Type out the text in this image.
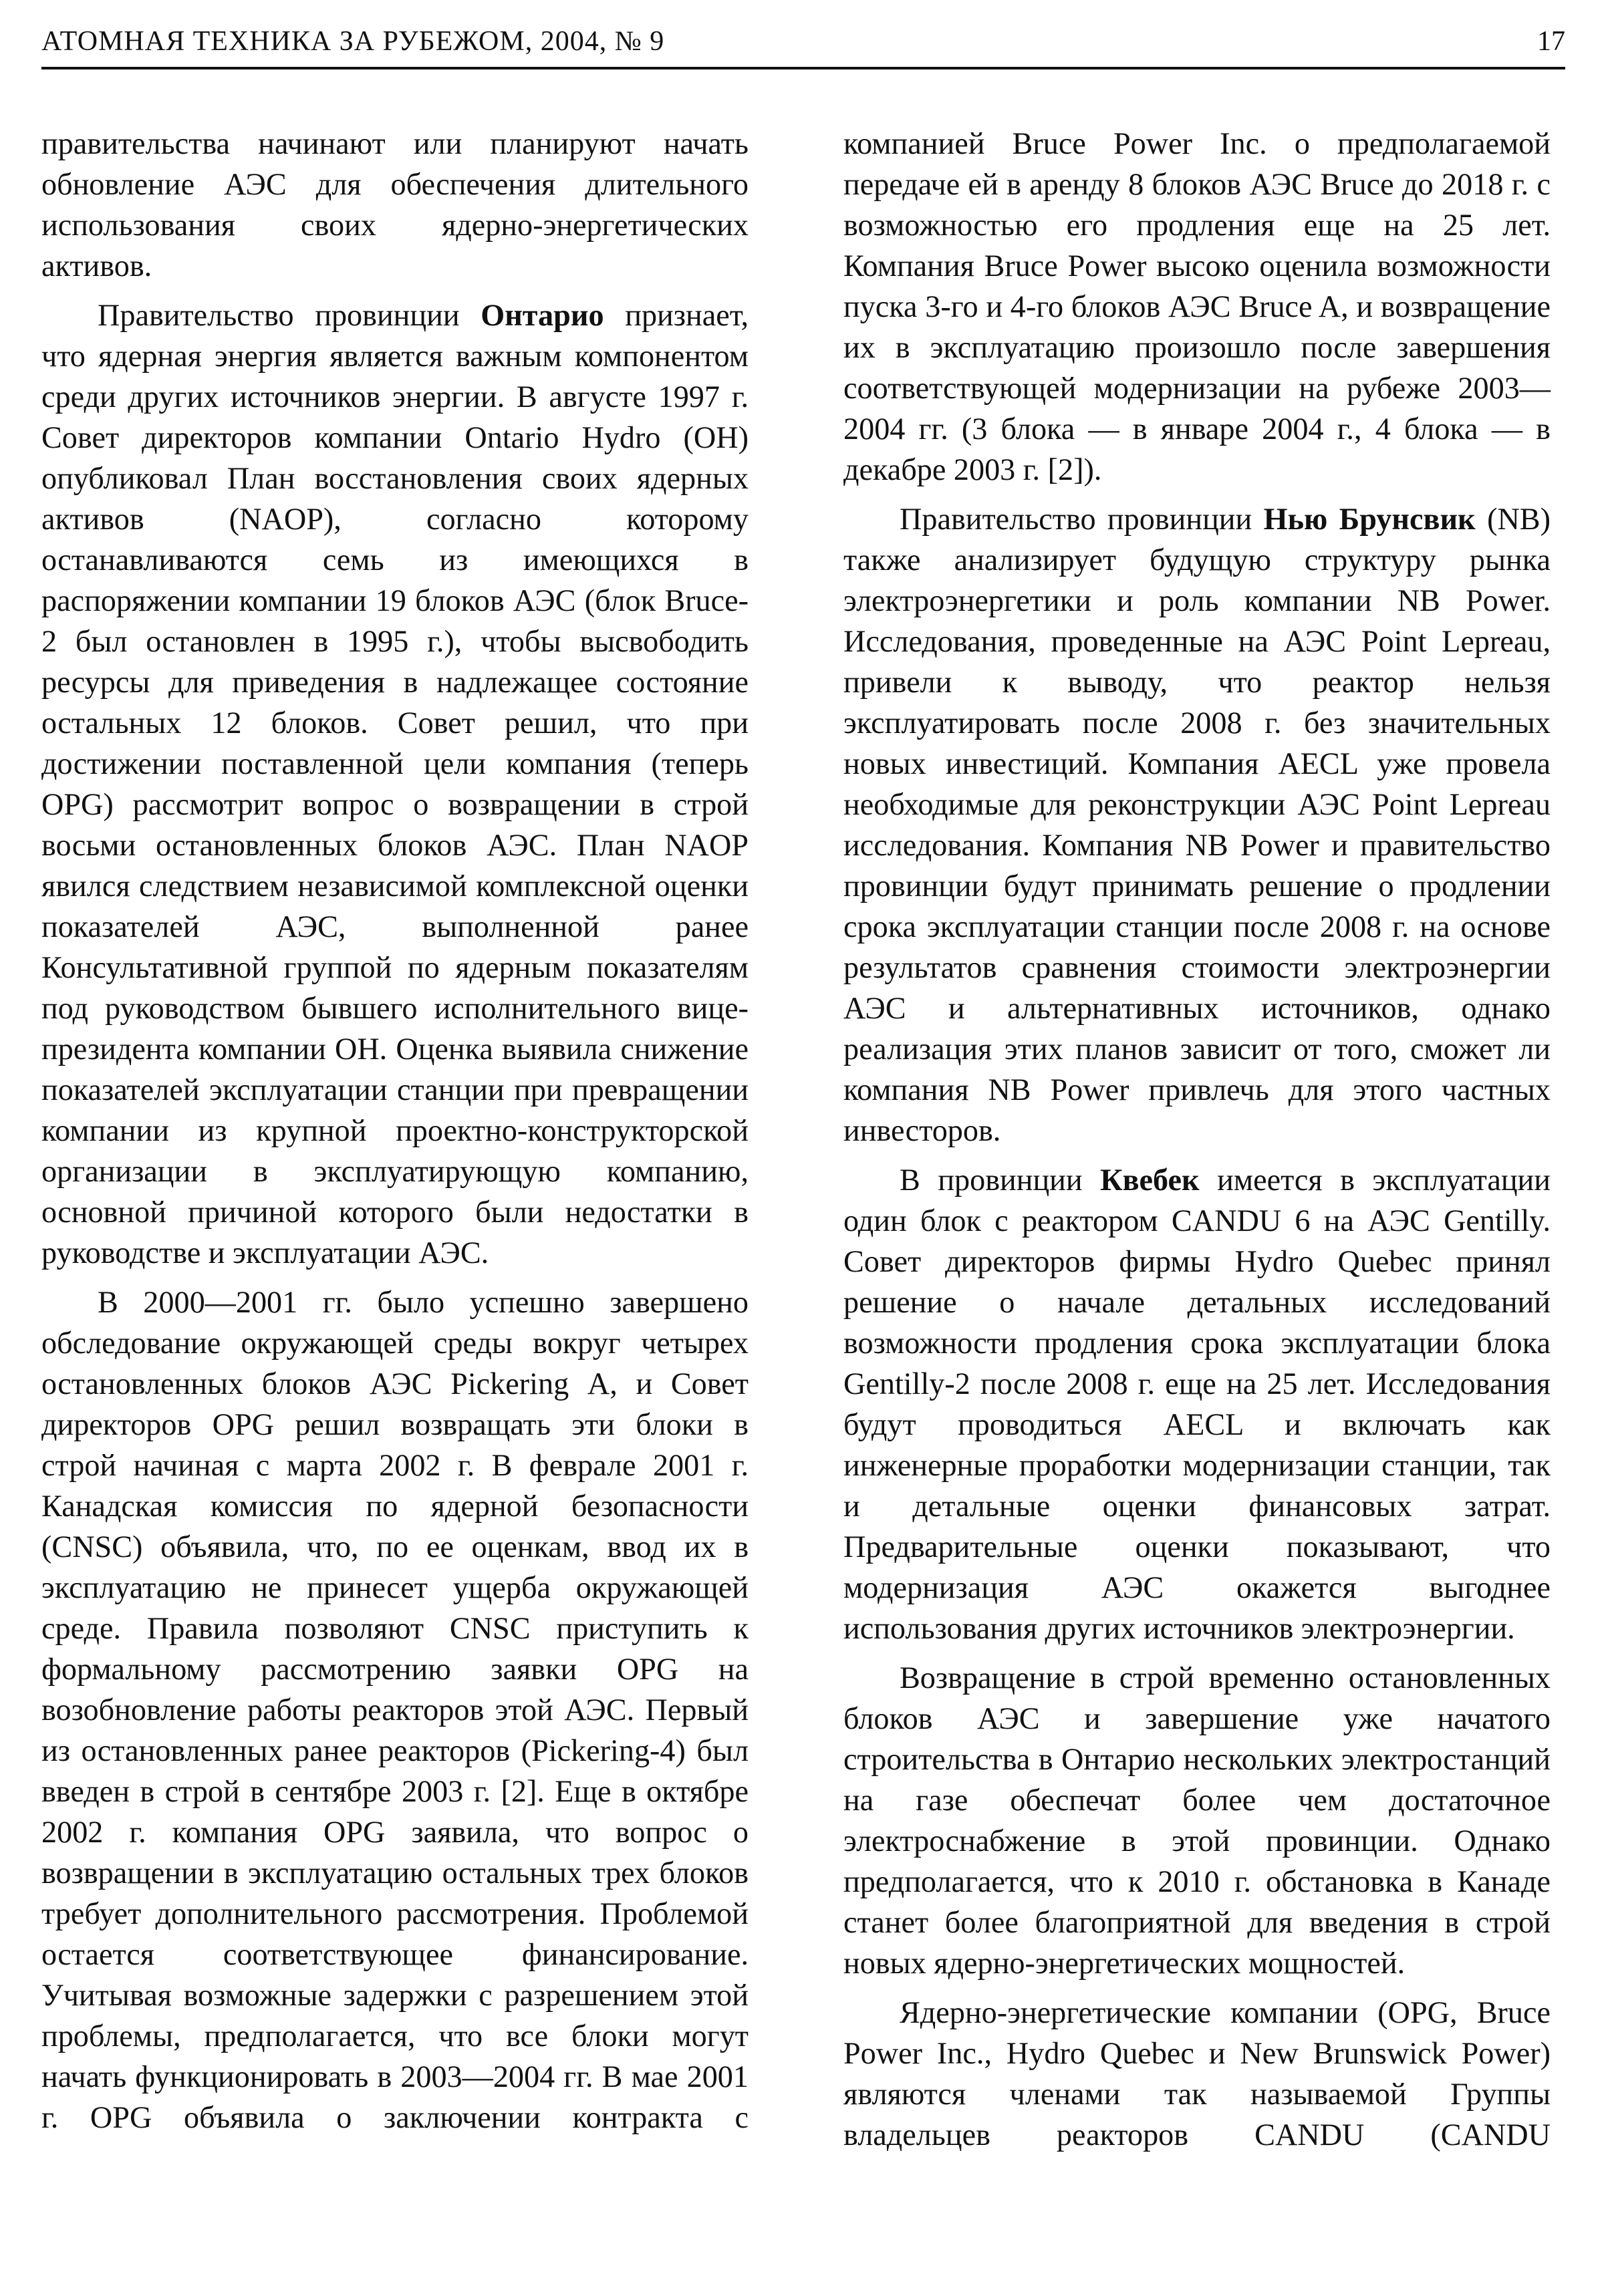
АТОМНАЯ ТЕХНИКА ЗА РУБЕЖОМ, 2004, № 9	17

правительства начинают или планируют начать обновление АЭС для обеспечения длительного использования своих ядерно-энергетических активов.

Правительство провинции Онтарио признает, что ядерная энергия является важным компонентом среди других источников энергии. В августе 1997 г. Совет директоров компании Ontario Hydro (ОН) опубликовал План восстановления своих ядерных активов (NAOP), согласно которому останавливаются семь из имеющихся в распоряжении компании 19 блоков АЭС (блок Bruce-2 был остановлен в 1995 г.), чтобы высвободить ресурсы для приведения в надлежащее состояние остальных 12 блоков. Совет решил, что при достижении поставленной цели компания (теперь OPG) рассмотрит вопрос о возвращении в строй восьми остановленных блоков АЭС. План NAOP явился следствием независимой комплексной оценки показателей АЭС, выполненной ранее Консультативной группой по ядерным показателям под руководством бывшего исполнительного вице-президента компании ОН. Оценка выявила снижение показателей эксплуатации станции при превращении компании из крупной проектно-конструкторской организации в эксплуатирующую компанию, основной причиной которого были недостатки в руководстве и эксплуатации АЭС.

В 2000—2001 гг. было успешно завершено обследование окружающей среды вокруг четырех остановленных блоков АЭС Pickering А, и Совет директоров OPG решил возвращать эти блоки в строй начиная с марта 2002 г. В феврале 2001 г. Канадская комиссия по ядерной безопасности (CNSC) объявила, что, по ее оценкам, ввод их в эксплуатацию не принесет ущерба окружающей среде. Правила позволяют CNSC приступить к формальному рассмотрению заявки OPG на возобновление работы реакторов этой АЭС. Первый из остановленных ранее реакторов (Pickering-4) был введен в строй в сентябре 2003 г. [2]. Еще в октябре 2002 г. компания OPG заявила, что вопрос о возвращении в эксплуатацию остальных трех блоков требует дополнительного рассмотрения. Проблемой остается соответствующее финансирование. Учитывая возможные задержки с разрешением этой проблемы, предполагается, что все блоки могут начать функционировать в 2003—2004 гг. В мае 2001 г. OPG объявила о заключении контракта с

компанией Bruce Power Inc. о предполагаемой передаче ей в аренду 8 блоков АЭС Bruce до 2018 г. с возможностью его продления еще на 25 лет. Компания Bruce Power высоко оценила возможности пуска 3-го и 4-го блоков АЭС Bruce A, и возвращение их в эксплуатацию произошло после завершения соответствующей модернизации на рубеже 2003—2004 гг. (3 блока — в январе 2004 г., 4 блока — в декабре 2003 г. [2]).

Правительство провинции Нью Брунсвик (NB) также анализирует будущую структуру рынка электроэнергетики и роль компании NB Power. Исследования, проведенные на АЭС Point Lepreau, привели к выводу, что реактор нельзя эксплуатировать после 2008 г. без значительных новых инвестиций. Компания AECL уже провела необходимые для реконструкции АЭС Point Lepreau исследования. Компания NB Power и правительство провинции будут принимать решение о продлении срока эксплуатации станции после 2008 г. на основе результатов сравнения стоимости электроэнергии АЭС и альтернативных источников, однако реализация этих планов зависит от того, сможет ли компания NB Power привлечь для этого частных инвесторов.

В провинции Квебек имеется в эксплуатации один блок с реактором CANDU 6 на АЭС Gentilly. Совет директоров фирмы Hydro Quebec принял решение о начале детальных исследований возможности продления срока эксплуатации блока Gentilly-2 после 2008 г. еще на 25 лет. Исследования будут проводиться AECL и включать как инженерные проработки модернизации станции, так и детальные оценки финансовых затрат. Предварительные оценки показывают, что модернизация АЭС окажется выгоднее использования других источников электроэнергии.

Возвращение в строй временно остановленных блоков АЭС и завершение уже начатого строительства в Онтарио нескольких электростанций на газе обеспечат более чем достаточное электроснабжение в этой провинции. Однако предполагается, что к 2010 г. обстановка в Канаде станет более благоприятной для введения в строй новых ядерно-энергетических мощностей.

Ядерно-энергетические компании (OPG, Bruce Power Inc., Hydro Quebec и New Brunswick Power) являются членами так называемой Группы владельцев реакторов CANDU (CANDU
